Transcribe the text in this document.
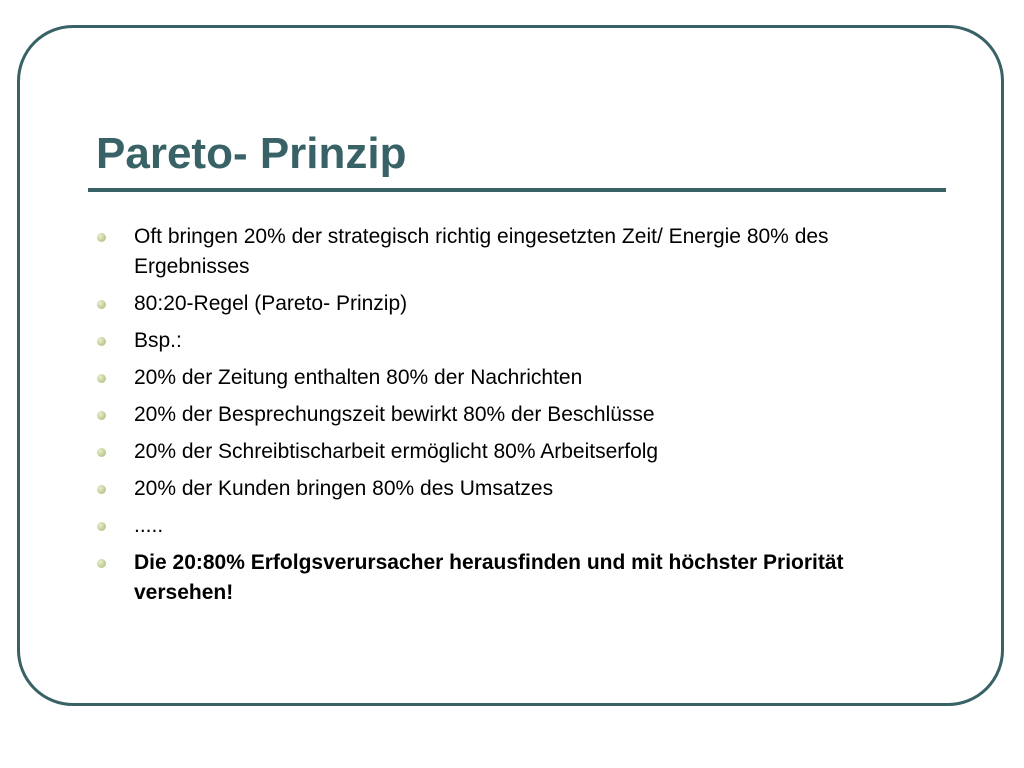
Pareto- Prinzip
Oft bringen 20% der strategisch richtig eingesetzten Zeit/ Energie 80% des Ergebnisses
80:20-Regel (Pareto- Prinzip)
Bsp.:
20% der Zeitung enthalten 80% der Nachrichten
20% der Besprechungszeit bewirkt 80% der Beschlüsse
20% der Schreibtischarbeit ermöglicht 80% Arbeitserfolg
20% der Kunden bringen 80% des Umsatzes
.....
Die 20:80% Erfolgsverursacher herausfinden und mit höchster Priorität versehen!
